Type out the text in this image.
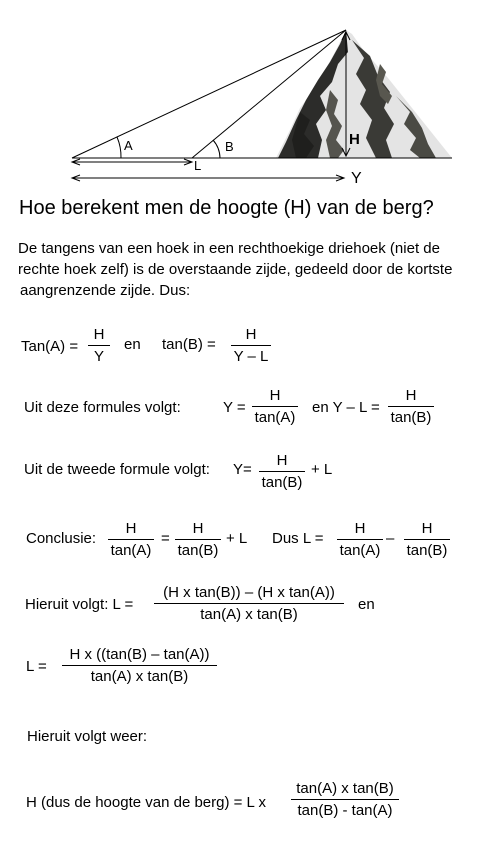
A	B
L
H
Y
Hoe berekent men de hoogte (H) van de berg?
De tangens van een hoek in een rechthoekige driehoek (niet de
rechte hoek zelf) is de overstaande zijde, gedeeld door de kortste
aangrenzende zijde. Dus:
$Tan(A) = \frac{H}{Y}$ en $\tan(B) = \frac{H}{Y - L}$
Uit deze formules volgt:	$Y = \frac{H}{\tan(A)}$ en $Y - L = \frac{H}{\tan(B)}$
Uit de tweede formule volgt: $Y= \frac{H}{\tan(B)} + L$
Conclusie: $\frac{H}{\tan(A)} = \frac{H}{\tan(B)} + L$ Dus $L = \frac{H}{\tan(A)} - \frac{H}{\tan(B)}$
Hieruit volgt: $L = \frac{\text{(H x tan(B)) – (H x tan(A))}}{\text{tan(A) x tan(B)}}$ en
$L = \frac{\text{H x ((tan(B) – tan(A))}}{\text{tan(A) x tan(B)}}$
Hieruit volgt weer:
H (dus de hoogte van de berg) = L x $\frac{\text{tan(A) x tan(B)}}{\tan(B) - \tan(A)}$
